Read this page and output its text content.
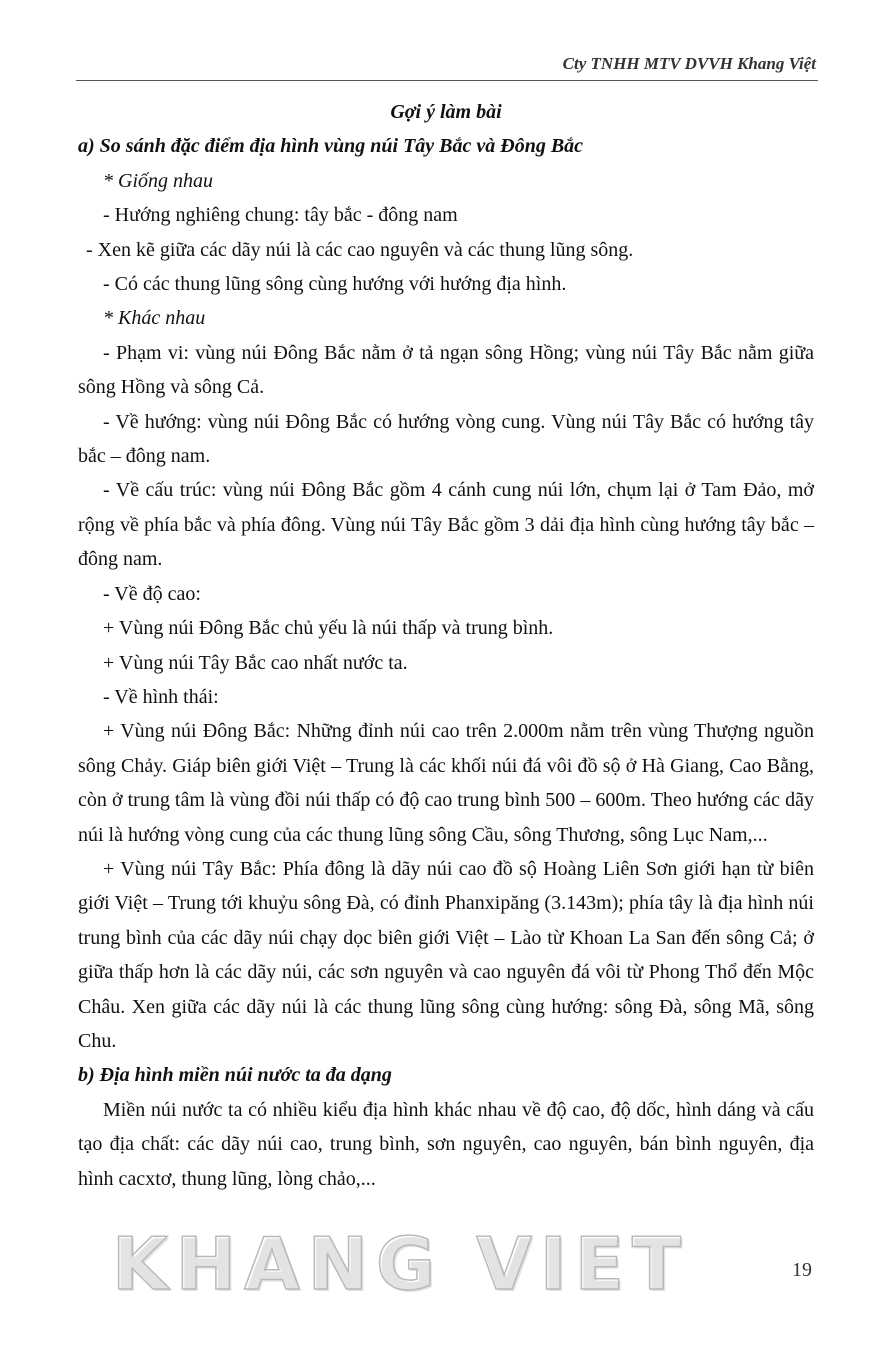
Cty TNHH MTV DVVH Khang Việt

Gợi ý làm bài

a) So sánh đặc điểm địa hình vùng núi Tây Bắc và Đông Bắc

* Giống nhau

- Hướng nghiêng chung: tây bắc - đông nam

- Xen kẽ giữa các dãy núi là các cao nguyên và các thung lũng sông.

- Có các thung lũng sông cùng hướng với hướng địa hình.

* Khác nhau

- Phạm vi: vùng núi Đông Bắc nằm ở tả ngạn sông Hồng; vùng núi Tây Bắc nằm giữa sông Hồng và sông Cả.

- Về hướng: vùng núi Đông Bắc có hướng vòng cung. Vùng núi Tây Bắc có hướng tây bắc – đông nam.

- Về cấu trúc: vùng núi Đông Bắc gồm 4 cánh cung núi lớn, chụm lại ở Tam Đảo, mở rộng về phía bắc và phía đông. Vùng núi Tây Bắc gồm 3 dải địa hình cùng hướng tây bắc – đông nam.

- Về độ cao:

+ Vùng núi Đông Bắc chủ yếu là núi thấp và trung bình.

+ Vùng núi Tây Bắc cao nhất nước ta.

- Về hình thái:

+ Vùng núi Đông Bắc: Những đỉnh núi cao trên 2.000m nằm trên vùng Thượng nguồn sông Chảy. Giáp biên giới Việt – Trung là các khối núi đá vôi đồ sộ ở Hà Giang, Cao Bằng, còn ở trung tâm là vùng đồi núi thấp có độ cao trung bình 500 – 600m. Theo hướng các dãy núi là hướng vòng cung của các thung lũng sông Cầu, sông Thương, sông Lục Nam,...

+ Vùng núi Tây Bắc: Phía đông là dãy núi cao đồ sộ Hoàng Liên Sơn giới hạn từ biên giới Việt – Trung tới khuỷu sông Đà, có đỉnh Phanxipăng (3.143m); phía tây là địa hình núi trung bình của các dãy núi chạy dọc biên giới Việt – Lào từ Khoan La San đến sông Cả; ở giữa thấp hơn là các dãy núi, các sơn nguyên và cao nguyên đá vôi từ Phong Thổ đến Mộc Châu. Xen giữa các dãy núi là các thung lũng sông cùng hướng: sông Đà, sông Mã, sông Chu.

b) Địa hình miền núi nước ta đa dạng

Miền núi nước ta có nhiều kiểu địa hình khác nhau về độ cao, độ dốc, hình dáng và cấu tạo địa chất: các dãy núi cao, trung bình, sơn nguyên, cao nguyên, bán bình nguyên, địa hình cacxtơ, thung lũng, lòng chảo,...

KHANG VIET	19
